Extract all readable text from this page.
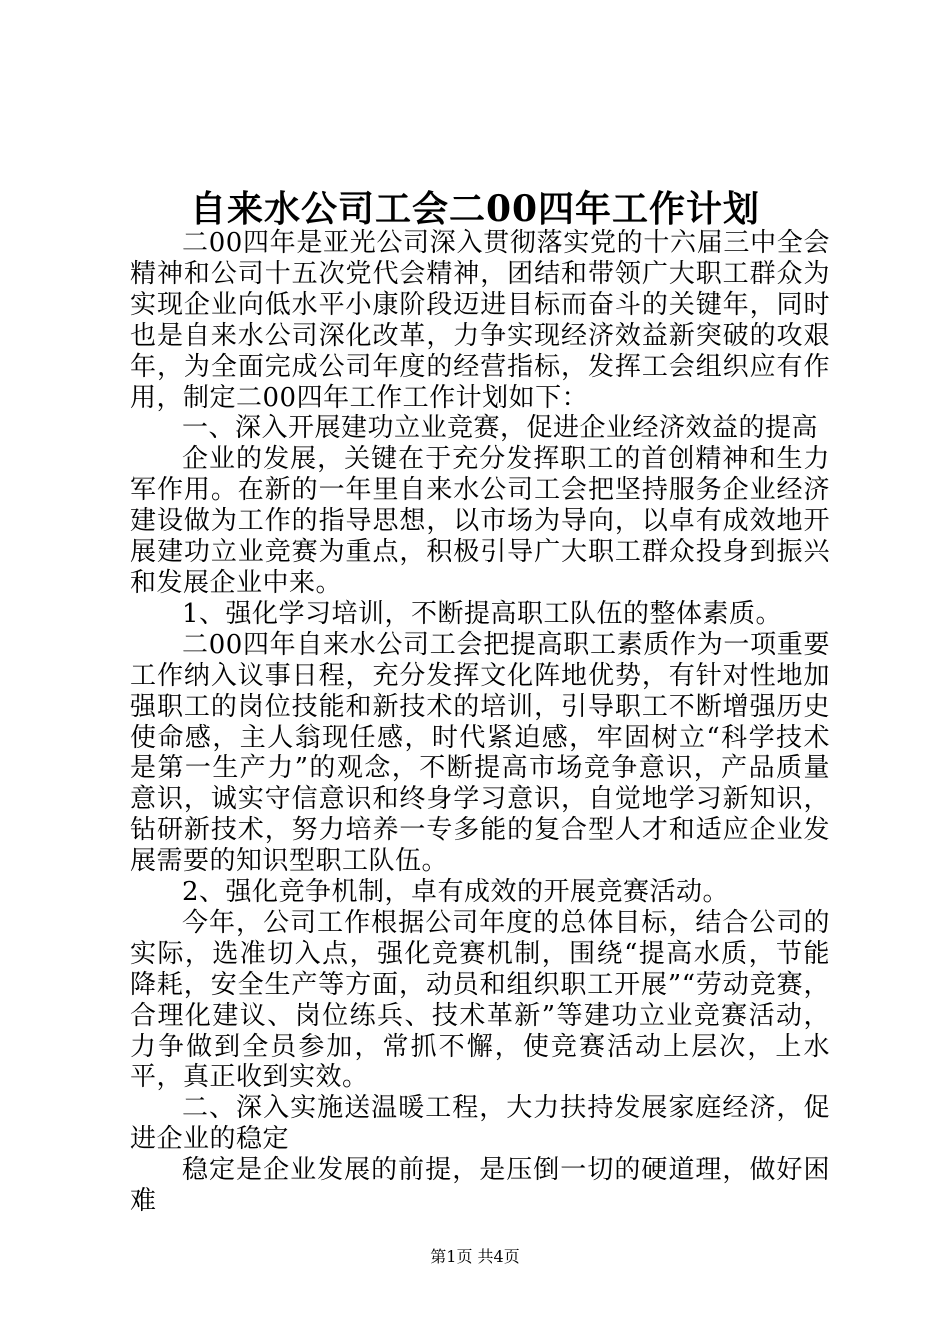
自来水公司工会二00四年工作计划

二00四年是亚光公司深入贯彻落实党的十六届三中全会精神和公司十五次党代会精神，团结和带领广大职工群众为实现企业向低水平小康阶段迈进目标而奋斗的关键年，同时也是自来水公司深化改革，力争实现经济效益新突破的攻艰年，为全面完成公司年度的经营指标，发挥工会组织应有作用，制定二00四年工作工作计划如下：

一、深入开展建功立业竞赛，促进企业经济效益的提高

企业的发展，关键在于充分发挥职工的首创精神和生力军作用。在新的一年里自来水公司工会把坚持服务企业经济建设做为工作的指导思想，以市场为导向，以卓有成效地开展建功立业竞赛为重点，积极引导广大职工群众投身到振兴和发展企业中来。

1、强化学习培训，不断提高职工队伍的整体素质。

二00四年自来水公司工会把提高职工素质作为一项重要工作纳入议事日程，充分发挥文化阵地优势，有针对性地加强职工的岗位技能和新技术的培训，引导职工不断增强历史使命感，主人翁现任感，时代紧迫感，牢固树立“科学技术是第一生产力”的观念，不断提高市场竞争意识，产品质量意识，诚实守信意识和终身学习意识，自觉地学习新知识，钻研新技术，努力培养一专多能的复合型人才和适应企业发展需要的知识型职工队伍。

2、强化竞争机制，卓有成效的开展竞赛活动。

今年，公司工作根据公司年度的总体目标，结合公司的实际，选准切入点，强化竞赛机制，围绕“提高水质，节能降耗，安全生产等方面，动员和组织职工开展”“劳动竞赛，合理化建议、岗位练兵、技术革新”等建功立业竞赛活动，力争做到全员参加，常抓不懈，使竞赛活动上层次，上水平，真正收到实效。

二、深入实施送温暖工程，大力扶持发展家庭经济，促进企业的稳定

稳定是企业发展的前提，是压倒一切的硬道理，做好困难

第1页 共4页
